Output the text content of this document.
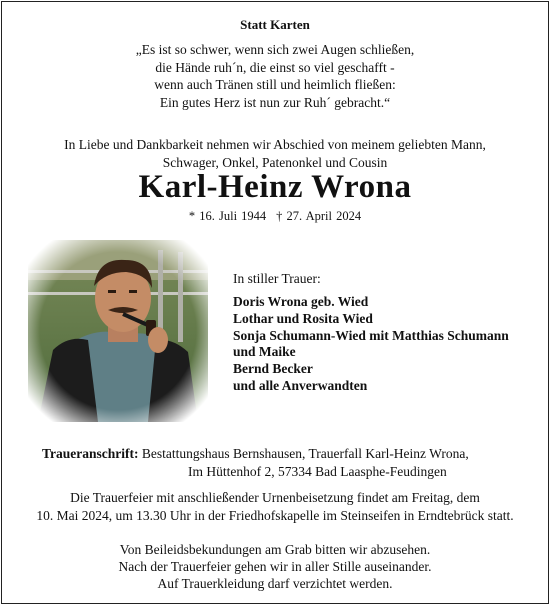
Statt Karten
„Es ist so schwer, wenn sich zwei Augen schließen,
die Hände ruh´n, die einst so viel geschafft -
wenn auch Tränen still und heimlich fließen:
Ein gutes Herz ist nun zur Ruh´ gebracht.“
In Liebe und Dankbarkeit nehmen wir Abschied von meinem geliebten Mann,
Schwager, Onkel, Patenonkel und Cousin
Karl-Heinz Wrona
* 16. Juli 1944 † 27. April 2024
In stiller Trauer:
Doris Wrona geb. Wied
Lothar und Rosita Wied
Sonja Schumann-Wied mit Matthias Schumann
und Maike
Bernd Becker
und alle Anverwandten
Traueranschrift: Bestattungshaus Bernshausen, Trauerfall Karl-Heinz Wrona,
Im Hüttenhof 2, 57334 Bad Laasphe-Feudingen
Die Trauerfeier mit anschließender Urnenbeisetzung findet am Freitag, dem
10. Mai 2024, um 13.30 Uhr in der Friedhofskapelle im Steinseifen in Erndtebrück statt.
Von Beileidsbekundungen am Grab bitten wir abzusehen.
Nach der Trauerfeier gehen wir in aller Stille auseinander.
Auf Trauerkleidung darf verzichtet werden.
